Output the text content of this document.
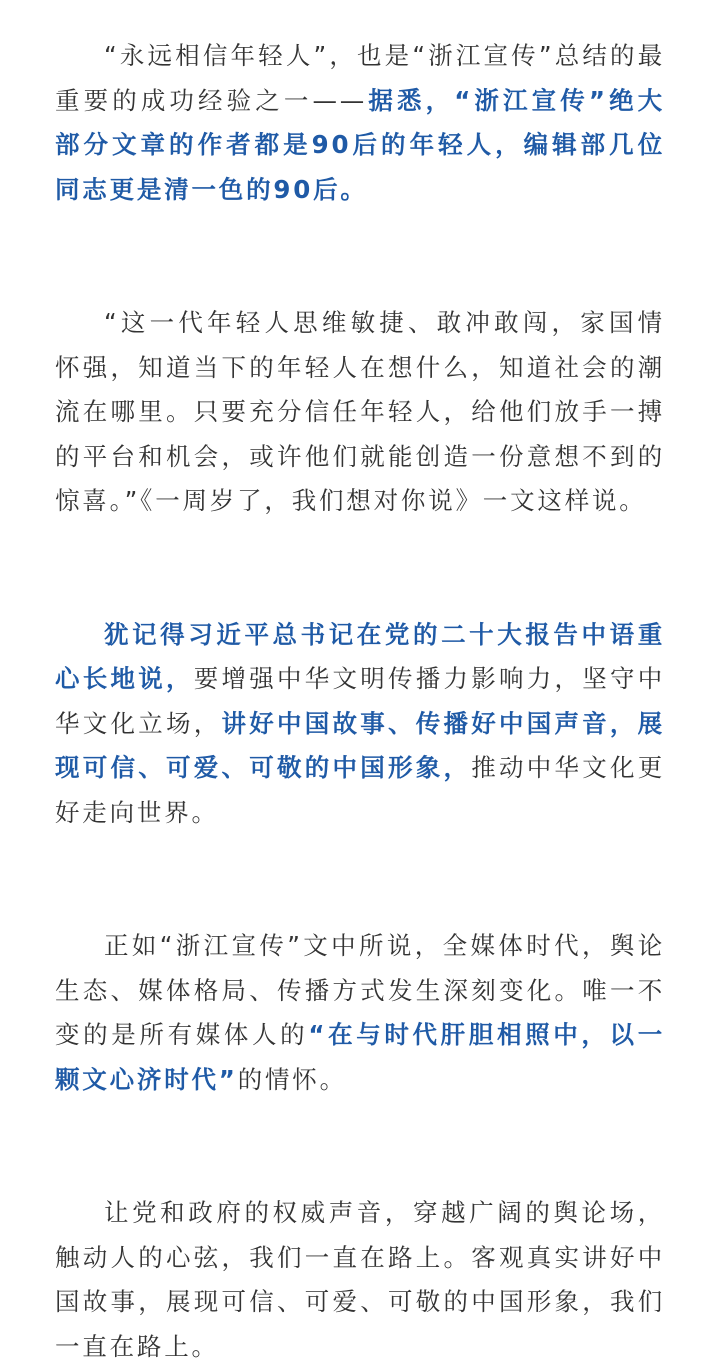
“永远相信年轻人”，也是“浙江宣传”总结的最重要的成功经验之一——据悉，“浙江宣传”绝大部分文章的作者都是90后的年轻人，编辑部几位同志更是清一色的90后。

“这一代年轻人思维敏捷、敢冲敢闯，家国情怀强，知道当下的年轻人在想什么，知道社会的潮流在哪里。只要充分信任年轻人，给他们放手一搏的平台和机会，或许他们就能创造一份意想不到的惊喜。”《一周岁了，我们想对你说》一文这样说。

犹记得习近平总书记在党的二十大报告中语重心长地说，要增强中华文明传播力影响力，坚守中华文化立场，讲好中国故事、传播好中国声音，展现可信、可爱、可敬的中国形象，推动中华文化更好走向世界。

正如“浙江宣传”文中所说，全媒体时代，舆论生态、媒体格局、传播方式发生深刻变化。唯一不变的是所有媒体人的“在与时代肝胆相照中，以一颗文心济时代”的情怀。

让党和政府的权威声音，穿越广阔的舆论场，触动人的心弦，我们一直在路上。客观真实讲好中国故事，展现可信、可爱、可敬的中国形象，我们一直在路上。
